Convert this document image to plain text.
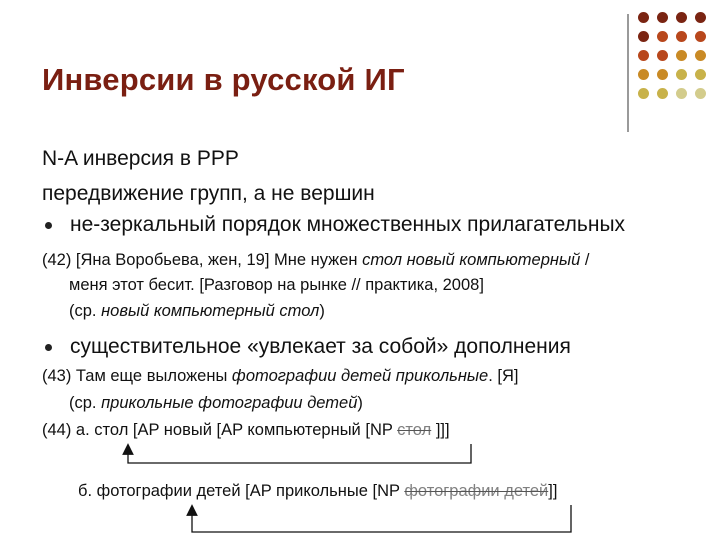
Инверсии в русской ИГ
N-A инверсия в РРР
передвижение групп, а не вершин
не-зеркальный порядок множественных прилагательных
(42) [Яна Воробьева, жен, 19] Мне нужен стол новый компьютерный /
меня этот бесит. [Разговор на рынке // практика, 2008]
(ср. новый компьютерный стол)
существительное «увлекает за собой» дополнения
(43) Там еще выложены фотографии детей прикольные. [Я]
(ср. прикольные фотографии детей)
(44) а. стол [AP новый [AP компьютерный [NP стол ]]]
б. фотографии детей [AP прикольные [NP фотографии детей]]
